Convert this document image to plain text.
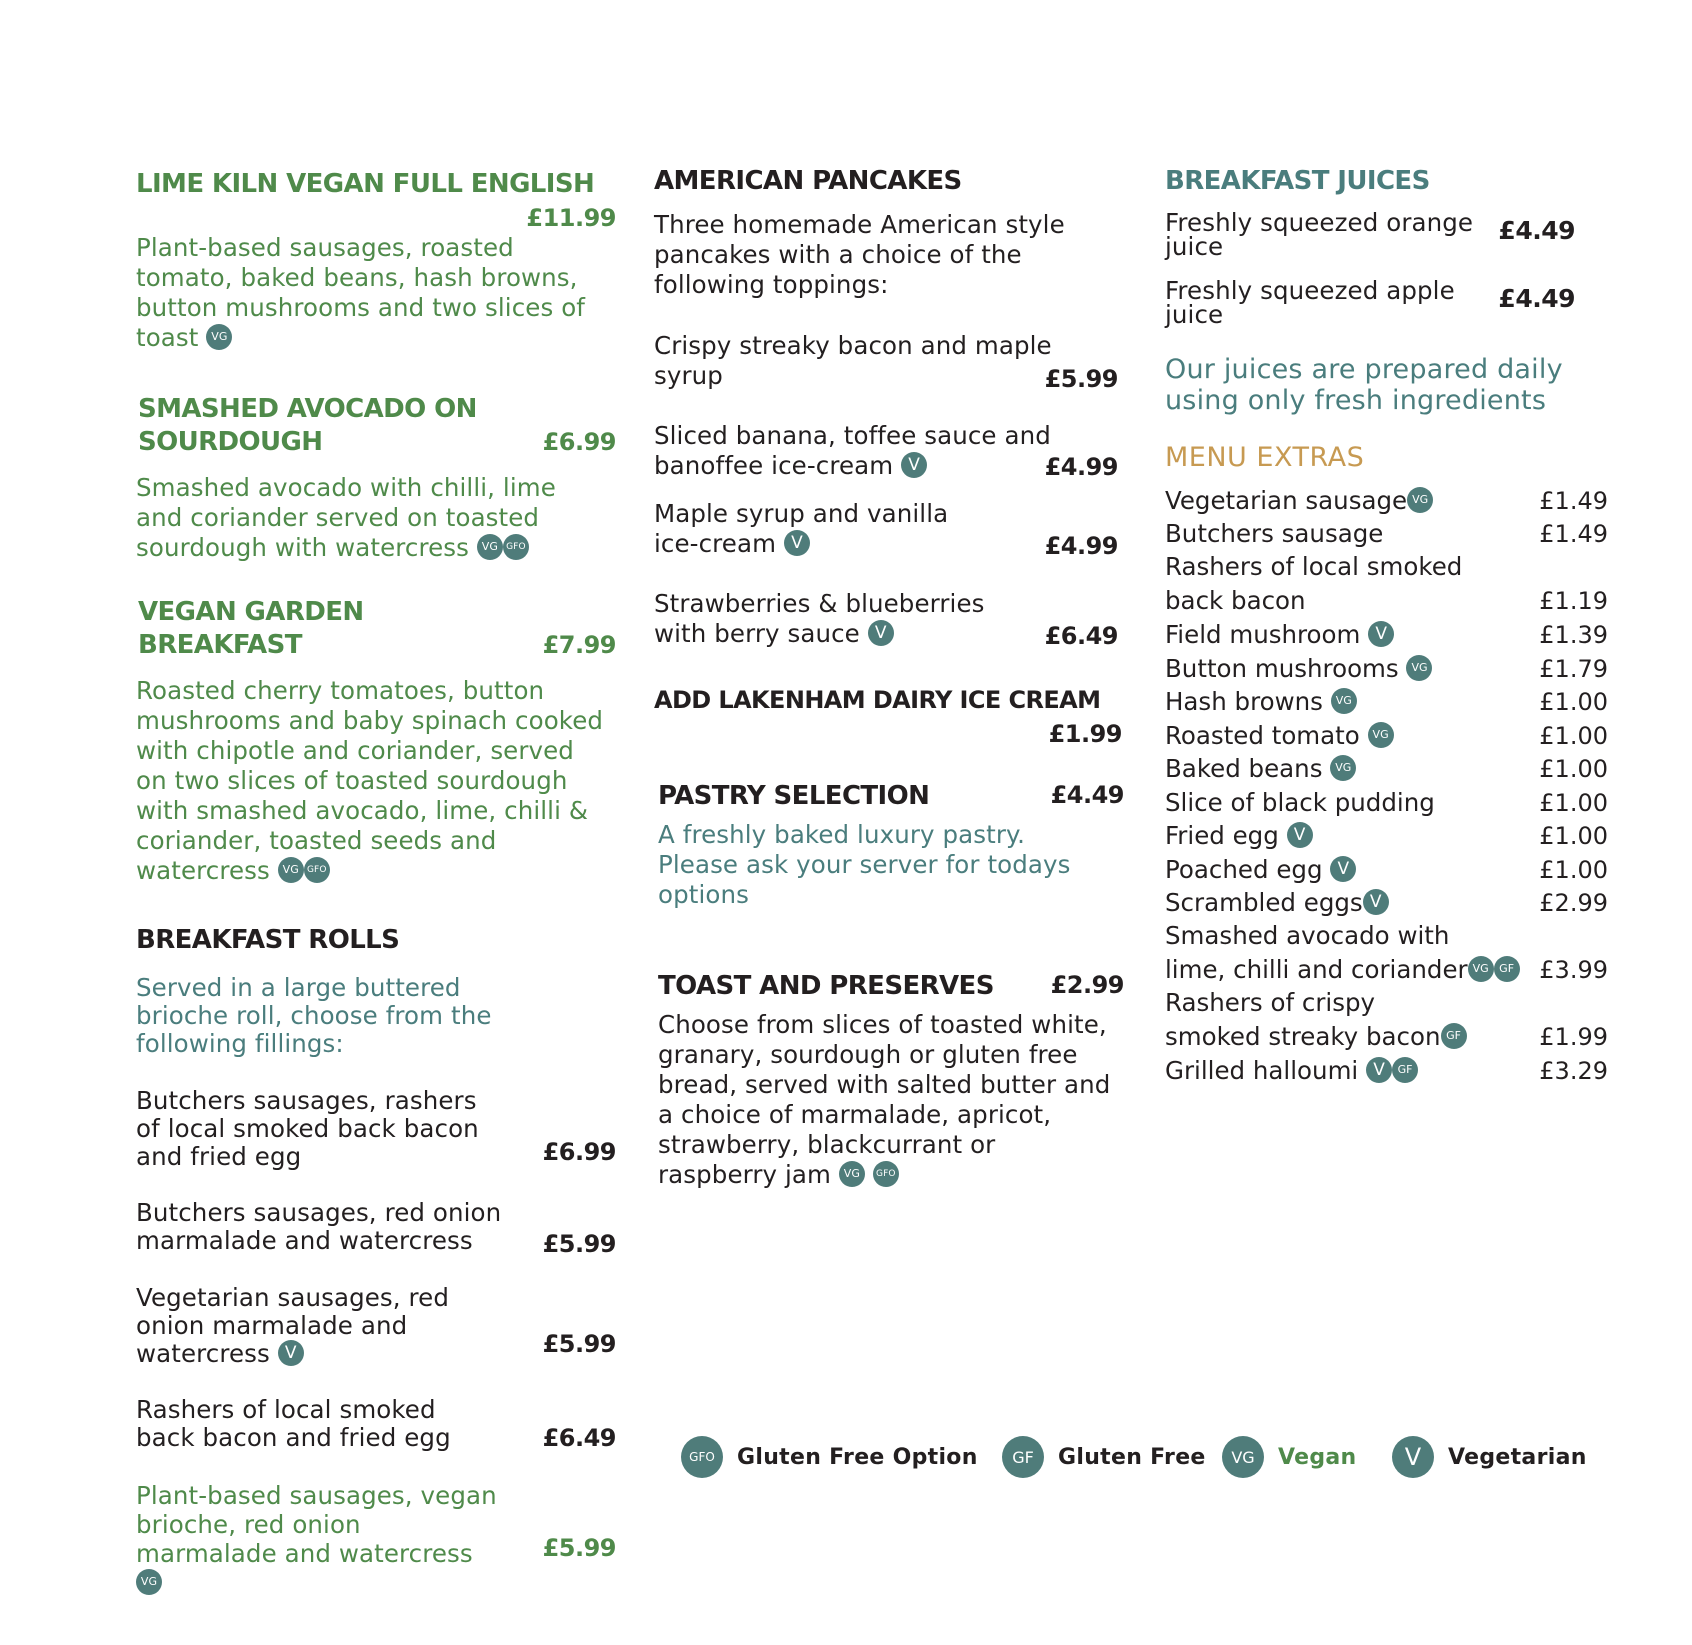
LIME KILN VEGAN FULL ENGLISH
£11.99
Plant-based sausages, roasted tomato, baked beans, hash browns, button mushrooms and two slices of toast VG
SMASHED AVOCADO ON
SOURDOUGH	£6.99
Smashed avocado with chilli, lime and coriander served on toasted sourdough with watercress VG GFO
VEGAN GARDEN
BREAKFAST	£7.99
Roasted cherry tomatoes, button mushrooms and baby spinach cooked with chipotle and coriander, served on two slices of toasted sourdough with smashed avocado, lime, chilli & coriander, toasted seeds and watercress VG GFO
BREAKFAST ROLLS
Served in a large buttered brioche roll, choose from the following fillings:
Butchers sausages, rashers of local smoked back bacon and fried egg	£6.99
Butchers sausages, red onion marmalade and watercress	£5.99
Vegetarian sausages, red onion marmalade and watercress V	£5.99
Rashers of local smoked back bacon and fried egg	£6.49
Plant-based sausages, vegan brioche, red onion marmalade and watercress VG
£5.99
AMERICAN PANCAKES
Three homemade American style pancakes with a choice of the following toppings:
Crispy streaky bacon and maple syrup	£5.99
Sliced banana, toffee sauce and banoffee ice-cream V	£4.99
Maple syrup and vanilla ice-cream V	£4.99
Strawberries & blueberries with berry sauce V	£6.49
ADD LAKENHAM DAIRY ICE CREAM
£1.99
PASTRY SELECTION	£4.49
A freshly baked luxury pastry. Please ask your server for todays options
TOAST AND PRESERVES £2.99
Choose from slices of toasted white, granary, sourdough or gluten free bread, served with salted butter and a choice of marmalade, apricot, strawberry, blackcurrant or raspberry jam VG GFO
BREAKFAST JUICES
Freshly squeezed orange juice
£4.49
Freshly squeezed apple juice
£4.49
Our juices are prepared daily using only fresh ingredients
MENU EXTRAS
Vegetarian sausage VG	£1.49
Butchers sausage	£1.49
Rashers of local smoked
back bacon	£1.19
Field mushroom V	£1.39
Button mushrooms VG	£1.79
Hash browns VG	£1.00
Roasted tomato VG	£1.00
Baked beans VG	£1.00
Slice of black pudding	£1.00
Fried egg V	£1.00
Poached egg V	£1.00
Scrambled eggs V	£2.99
Smashed avocado with
lime, chilli and coriander VG GF £3.99
Rashers of crispy
smoked streaky bacon GF	£1.99
Grilled halloumi V GF	£3.29
GFO	Gluten Free Option	GF	Gluten Free	VG	Vegan	V	Vegetarian
